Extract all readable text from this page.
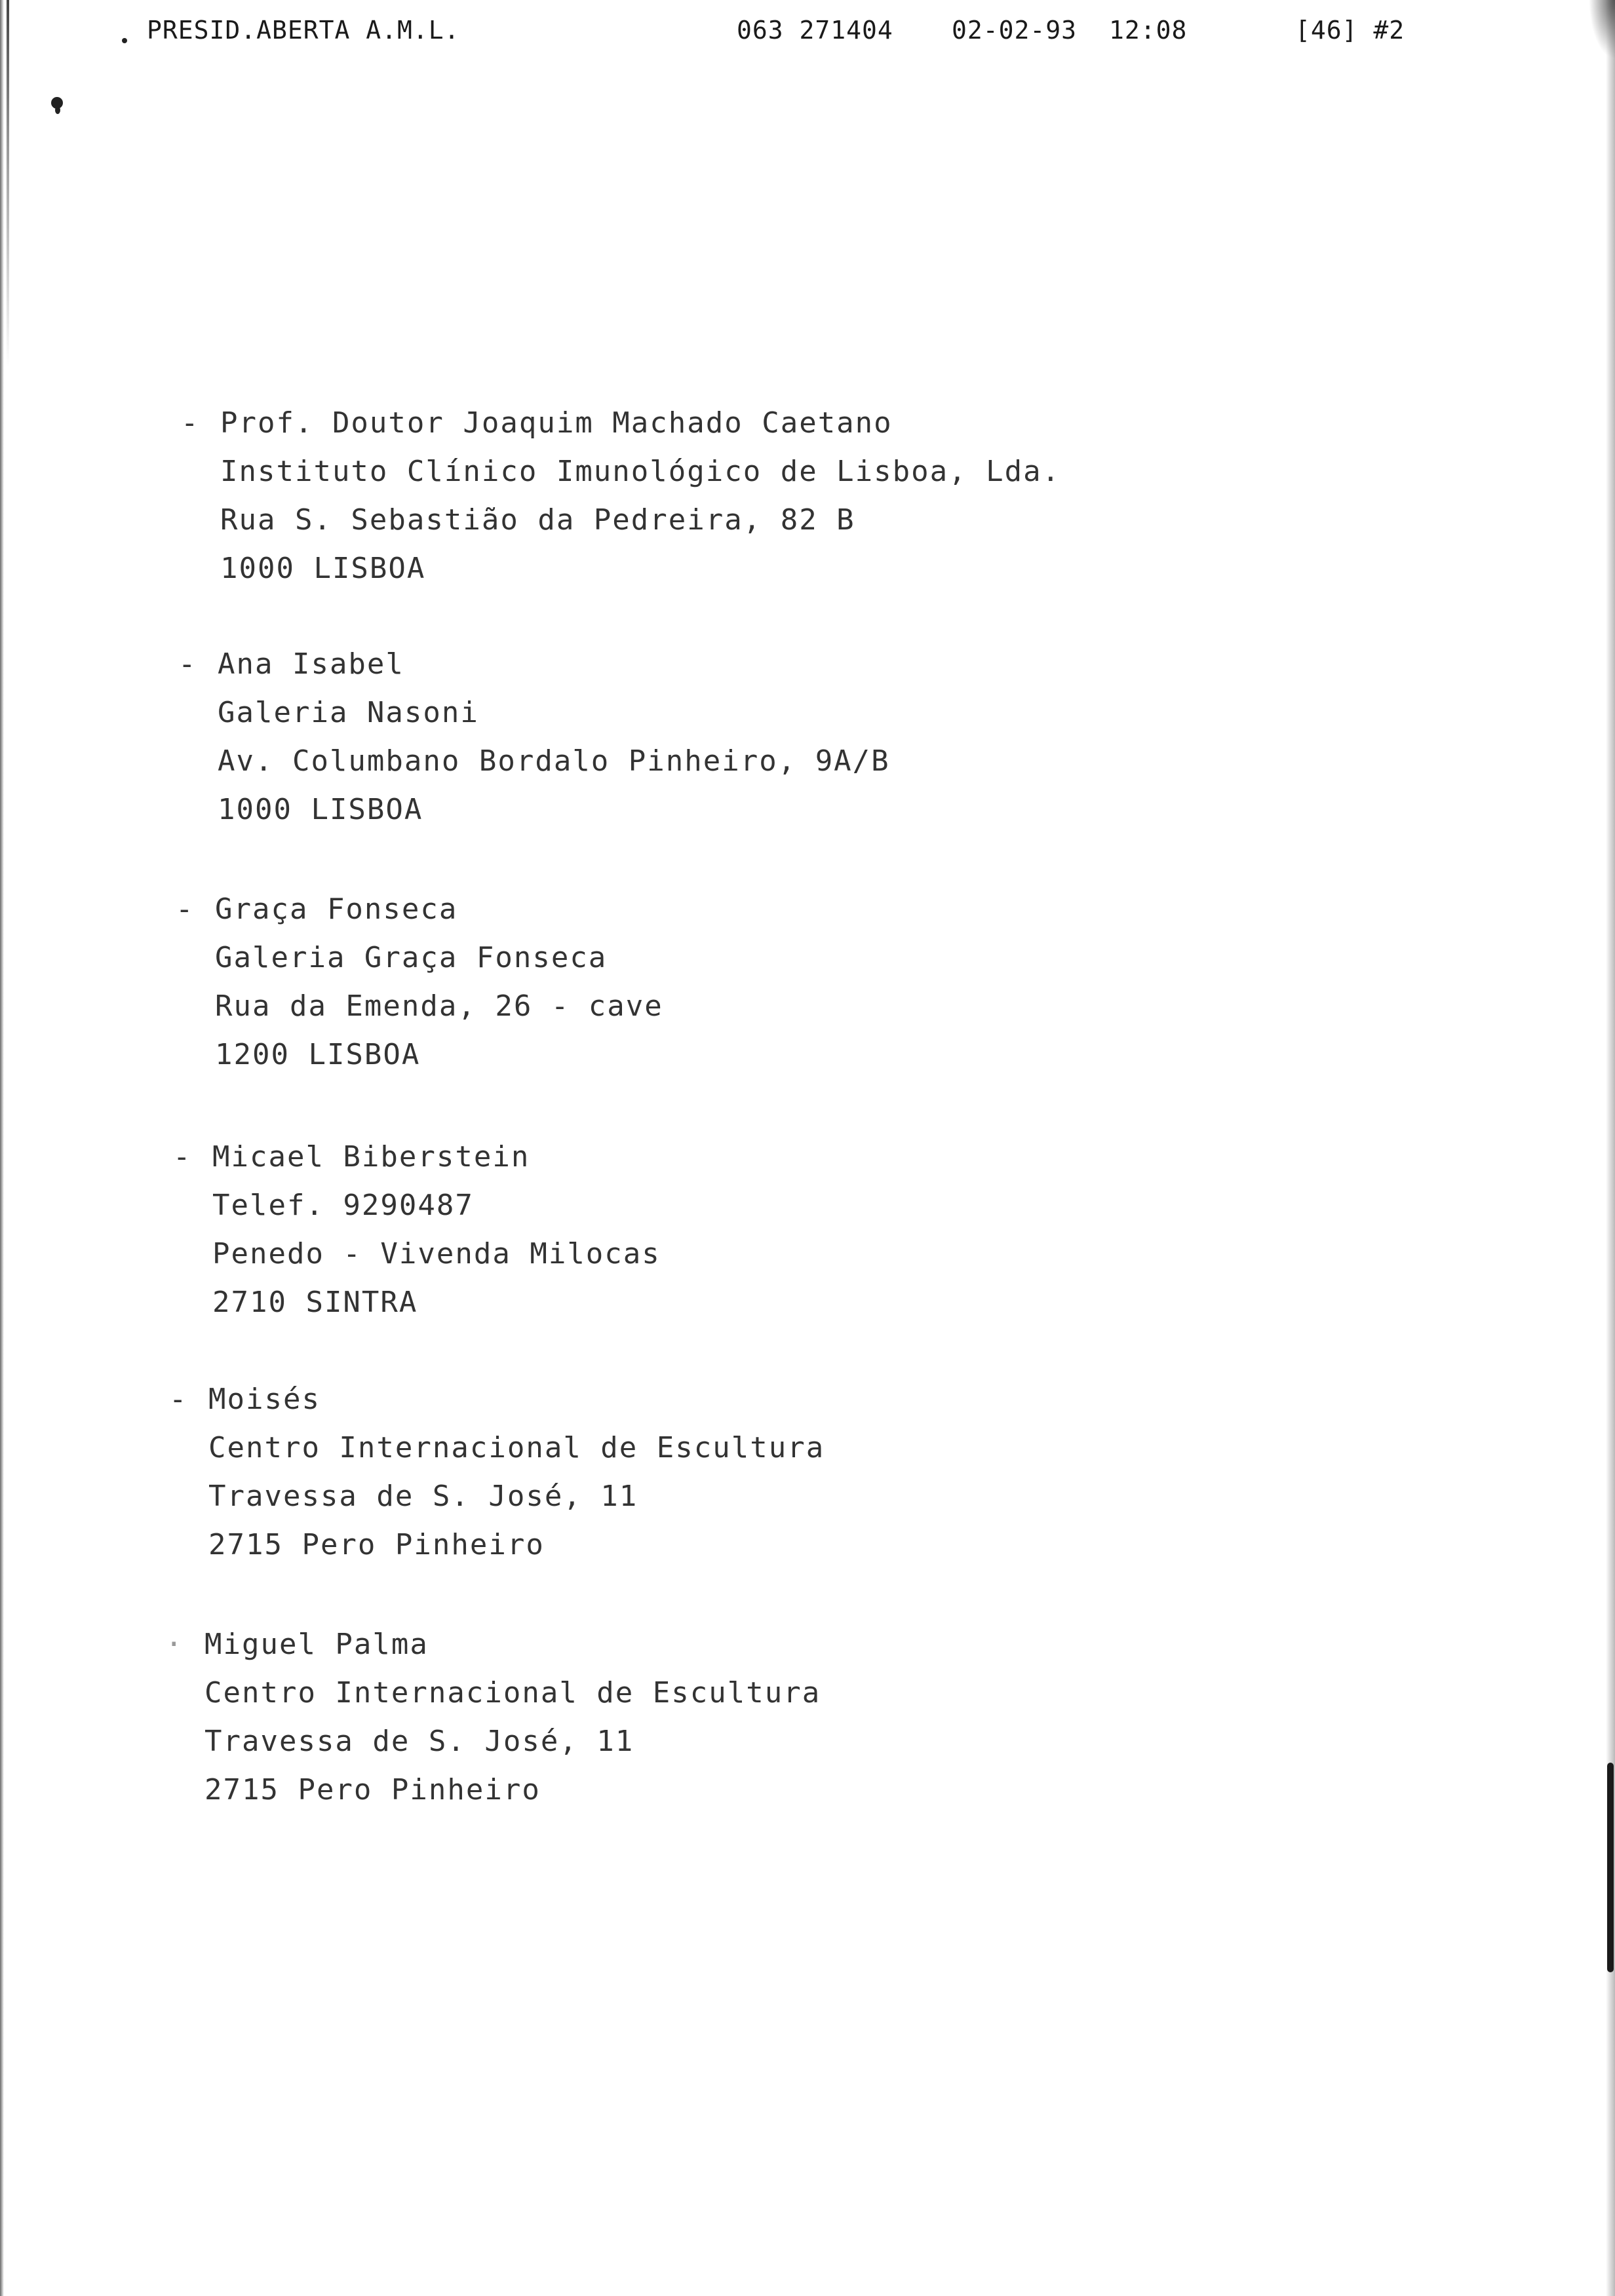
PRESID.ABERTA A.M.L.	063 271404 02-02-93 12:08	[46] #2
- Prof. Doutor Joaquim Machado Caetano
Instituto Clínico Imunológico de Lisboa, Lda.
Rua S. Sebastião da Pedreira, 82 B
1000 LISBOA
- Ana Isabel
Galeria Nasoni
Av. Columbano Bordalo Pinheiro, 9A/B
1000 LISBOA
- Graça Fonseca
Galeria Graça Fonseca
Rua da Emenda, 26 - cave
1200 LISBOA
- Micael Biberstein
Telef. 9290487
Penedo - Vivenda Milocas
2710 SINTRA
- Moisés
Centro Internacional de Escultura
Travessa de S. José, 11
2715 Pero Pinheiro
· Miguel Palma
Centro Internacional de Escultura
Travessa de S. José, 11
2715 Pero Pinheiro
